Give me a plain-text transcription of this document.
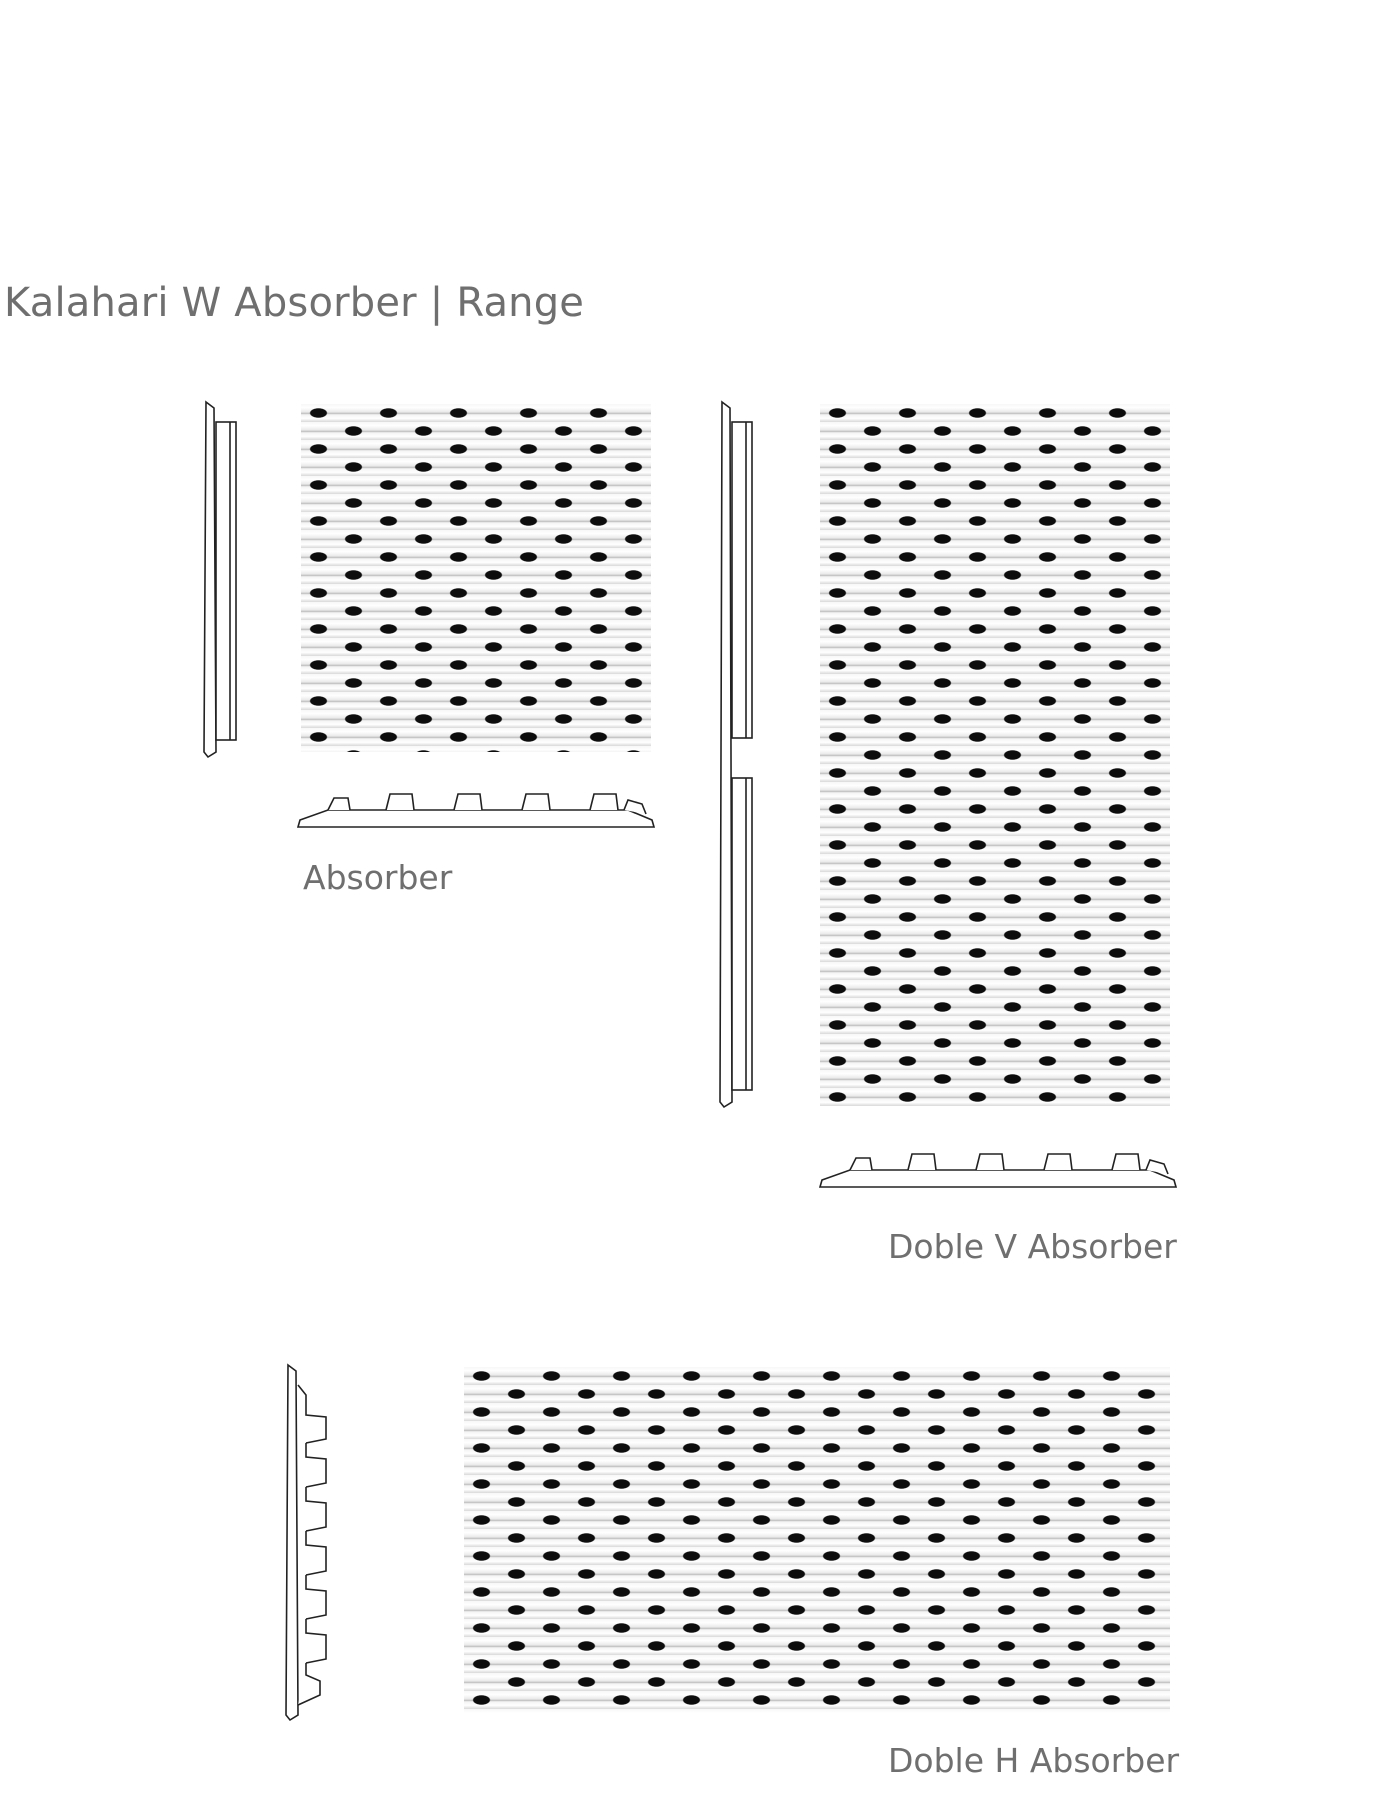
Kalahari W Absorber | Range
Absorber
Doble V Absorber
Doble H Absorber
